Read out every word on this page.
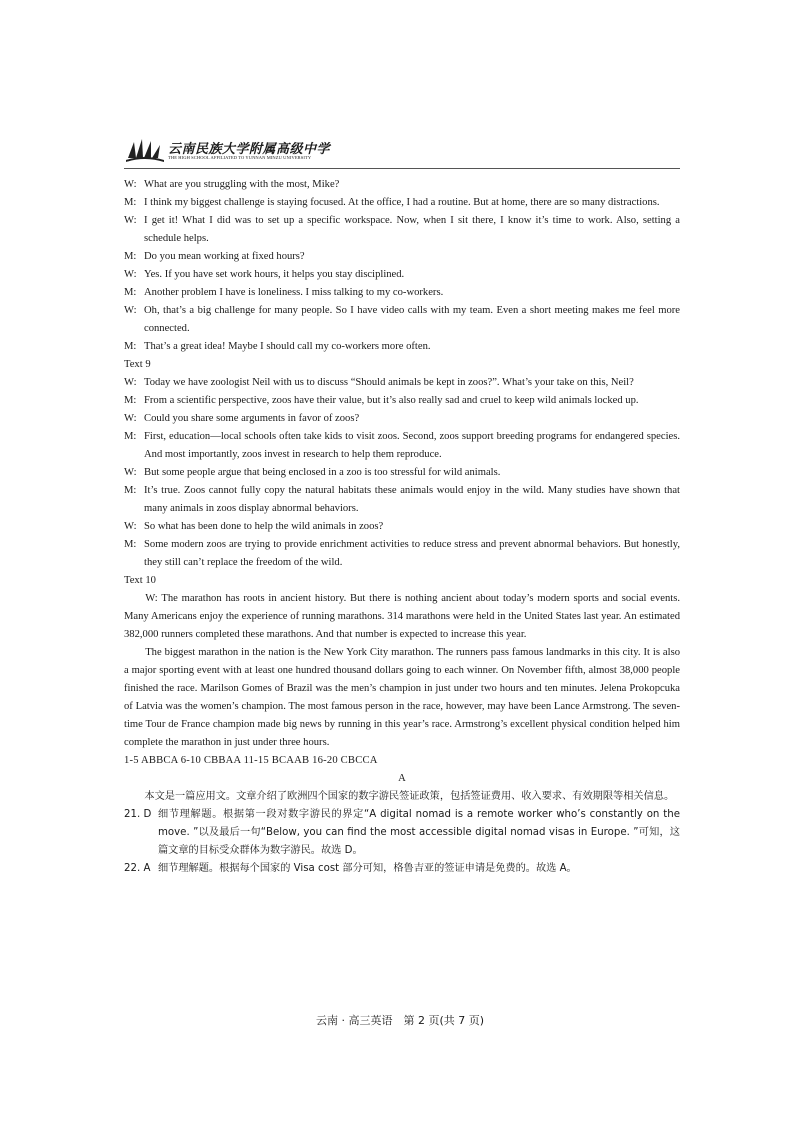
云南民族大学附属高级中学
THE HIGH SCHOOL AFFILIATED TO YUNNAN MINZU UNIVERSITY
W: What are you struggling with the most, Mike?
M: I think my biggest challenge is staying focused. At the office, I had a routine. But at home, there are so many distractions.
W: I get it! What I did was to set up a specific workspace. Now, when I sit there, I know it’s time to work. Also, setting a schedule helps.
M: Do you mean working at fixed hours?
W: Yes. If you have set work hours, it helps you stay disciplined.
M: Another problem I have is loneliness. I miss talking to my co-workers.
W: Oh, that’s a big challenge for many people. So I have video calls with my team. Even a short meeting makes me feel more connected.
M: That’s a great idea! Maybe I should call my co-workers more often.
Text 9
W: Today we have zoologist Neil with us to discuss “Should animals be kept in zoos?”. What’s your take on this, Neil?
M: From a scientific perspective, zoos have their value, but it’s also really sad and cruel to keep wild animals locked up.
W: Could you share some arguments in favor of zoos?
M: First, education—local schools often take kids to visit zoos. Second, zoos support breeding programs for endangered species. And most importantly, zoos invest in research to help them reproduce.
W: But some people argue that being enclosed in a zoo is too stressful for wild animals.
M: It’s true. Zoos cannot fully copy the natural habitats these animals would enjoy in the wild. Many studies have shown that many animals in zoos display abnormal behaviors.
W: So what has been done to help the wild animals in zoos?
M: Some modern zoos are trying to provide enrichment activities to reduce stress and prevent abnormal behaviors. But honestly, they still can’t replace the freedom of the wild.
Text 10

W: The marathon has roots in ancient history. But there is nothing ancient about today’s modern sports and social events. Many Americans enjoy the experience of running marathons. 314 marathons were held in the United States last year. An estimated 382,000 runners completed these marathons. And that number is expected to increase this year.

The biggest marathon in the nation is the New York City marathon. The runners pass famous landmarks in this city. It is also a major sporting event with at least one hundred thousand dollars going to each winner. On November fifth, almost 38,000 people finished the race. Marilson Gomes of Brazil was the men’s champion in just under two hours and ten minutes. Jelena Prokopcuka of Latvia was the women’s champion. The most famous person in the race, however, may have been Lance Armstrong. The seven-time Tour de France champion made big news by running in this year’s race. Armstrong’s excellent physical condition helped him complete the marathon in just under three hours.

1-5 ABBCA 6-10 CBBAA 11-15 BCAAB 16-20 CBCCA
A

本文是一篇应用文。文章介绍了欧洲四个国家的数字游民签证政策，包括签证费用、收入要求、有效期限等相关信息。

21. D 细节理解题。根据第一段对数字游民的界定“A digital nomad is a remote worker who’s constantly on the move. ”以及最后一句“Below, you can find the most accessible digital nomad visas in Europe. ”可知，这篇文章的目标受众群体为数字游民。故选 D。
22. A 细节理解题。根据每个国家的 Visa cost 部分可知，格鲁吉亚的签证申请是免费的。故选 A。
云南 · 高三英语　第 2 页(共 7 页)
